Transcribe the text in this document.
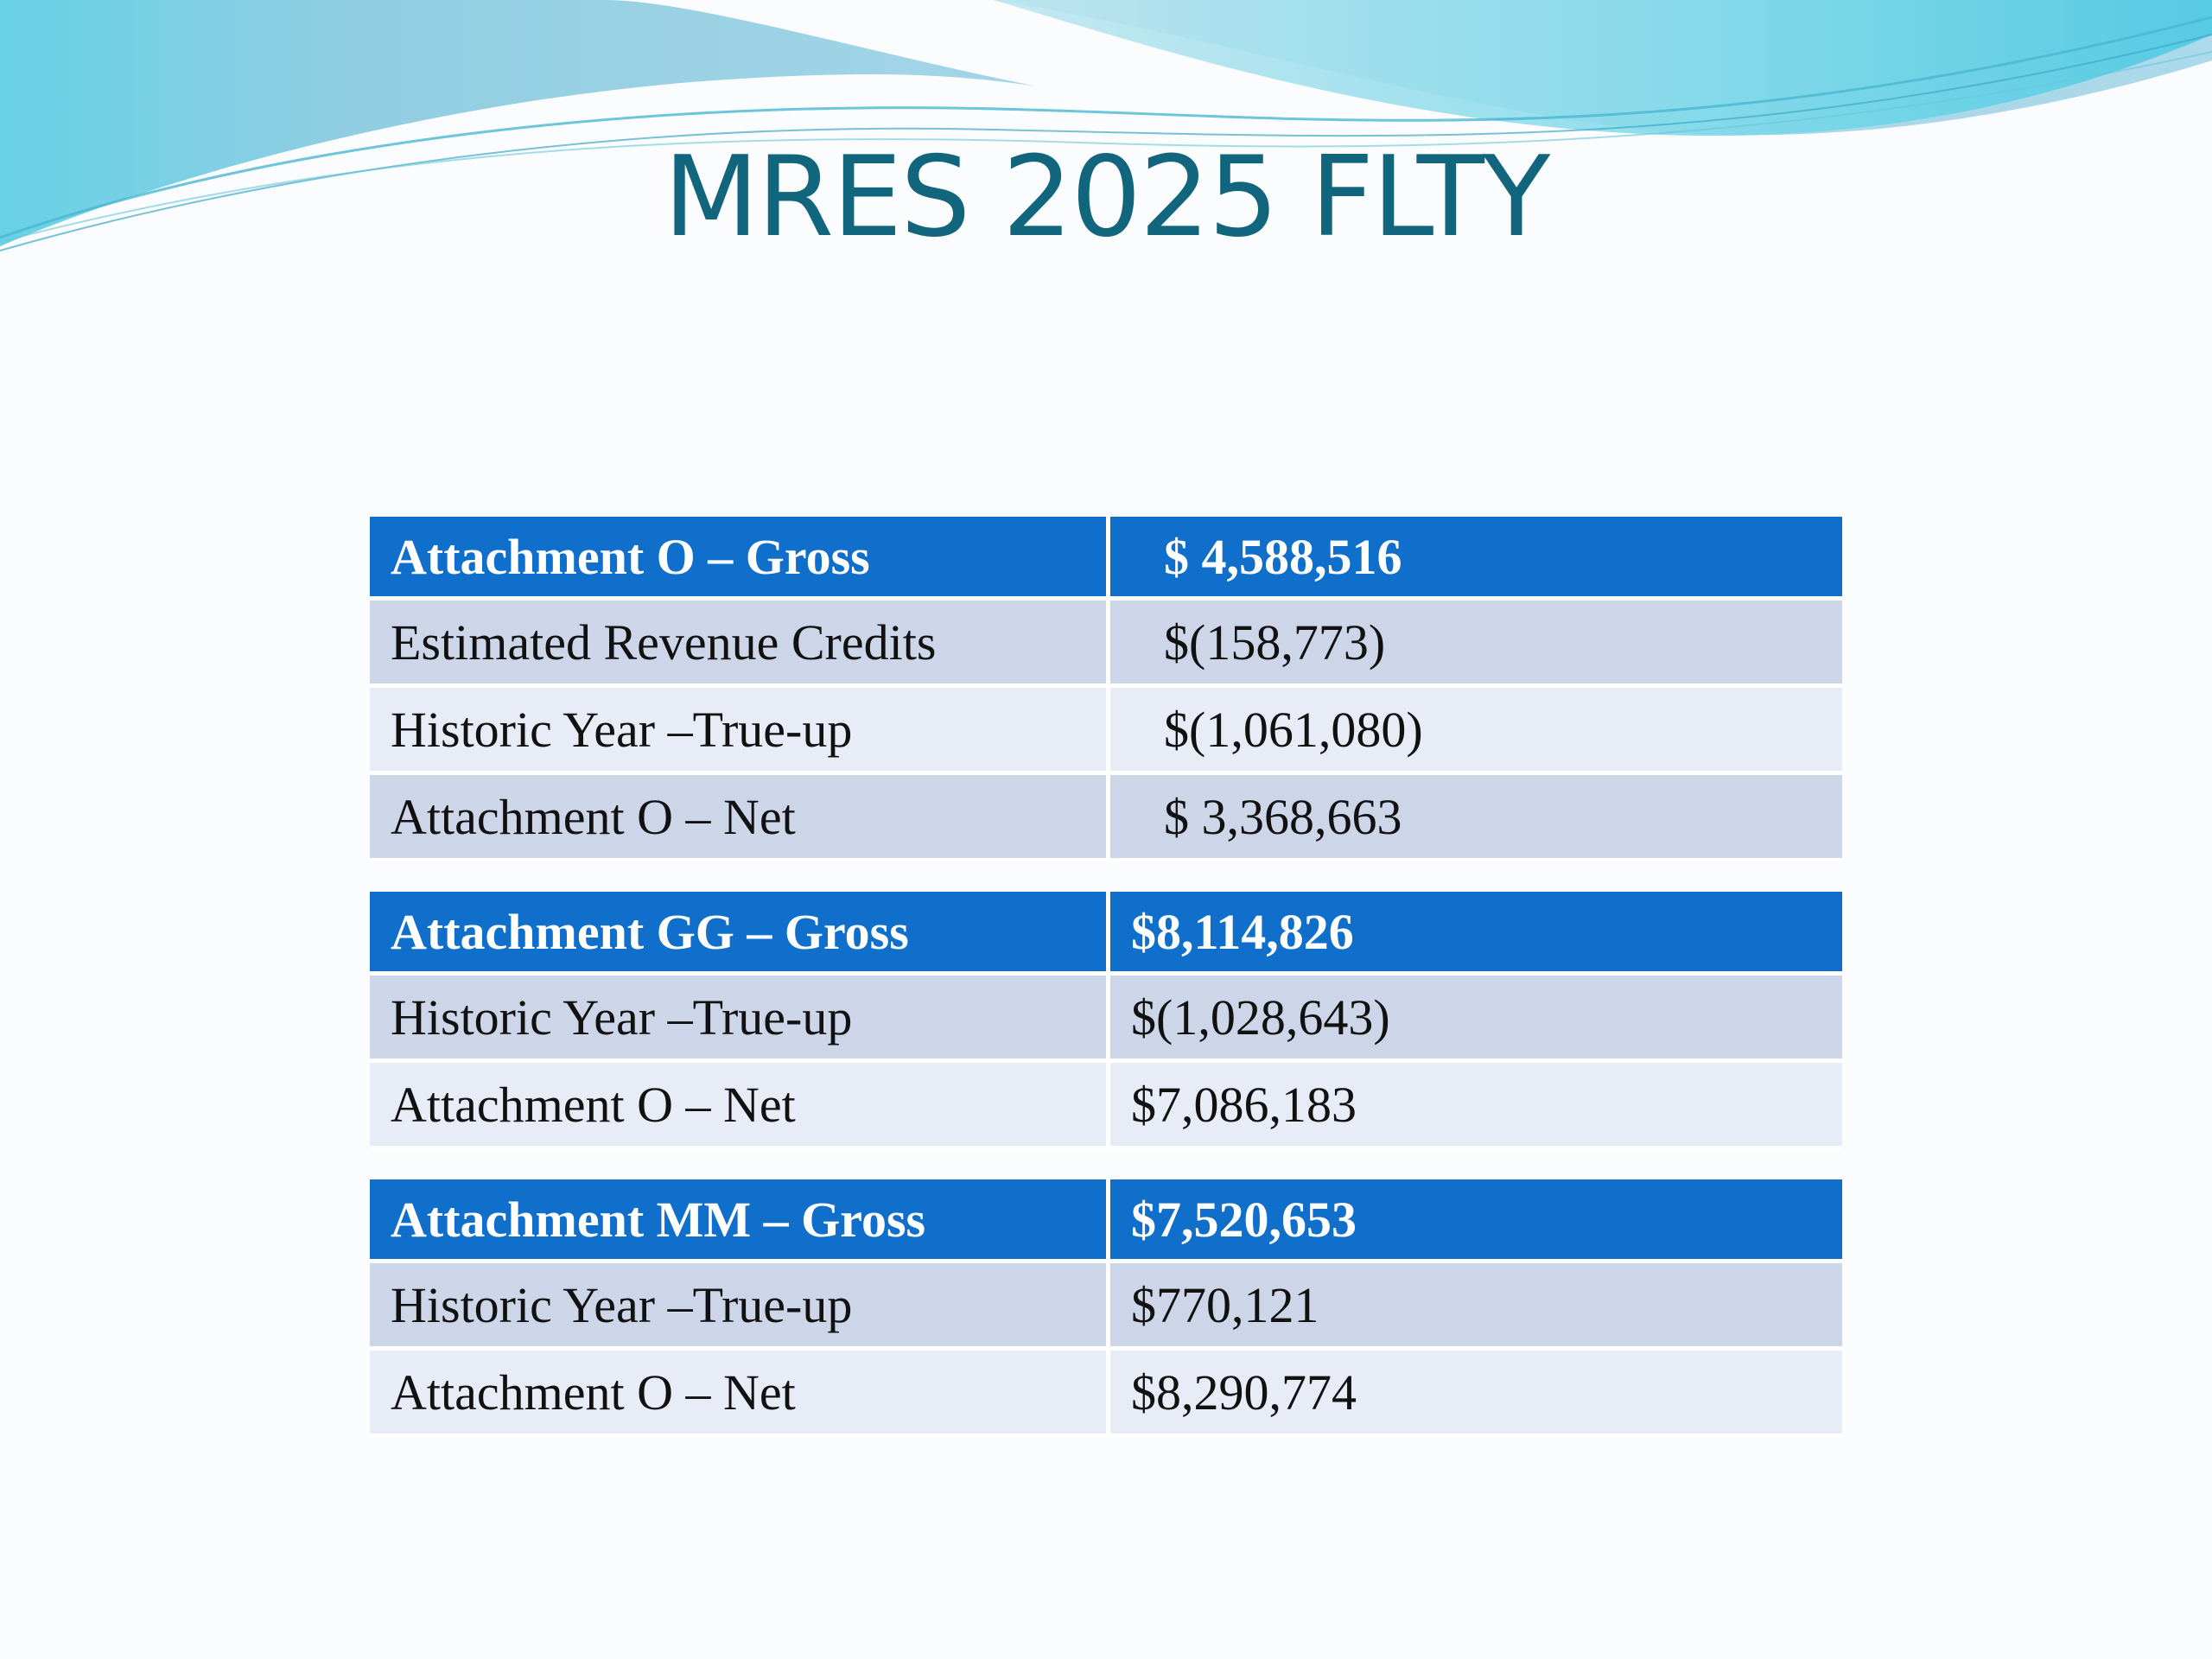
MRES 2025 FLTY
Attachment O – Gross	$ 4,588,516
Estimated Revenue Credits	$(158,773)
Historic Year –True-up	$(1,061,080)
Attachment O – Net	$ 3,368,663
Attachment GG – Gross	$8,114,826
Historic Year –True-up	$(1,028,643)
Attachment O – Net	$7,086,183
Attachment MM – Gross	$7,520,653
Historic Year –True-up	$770,121
Attachment O – Net	$8,290,774
